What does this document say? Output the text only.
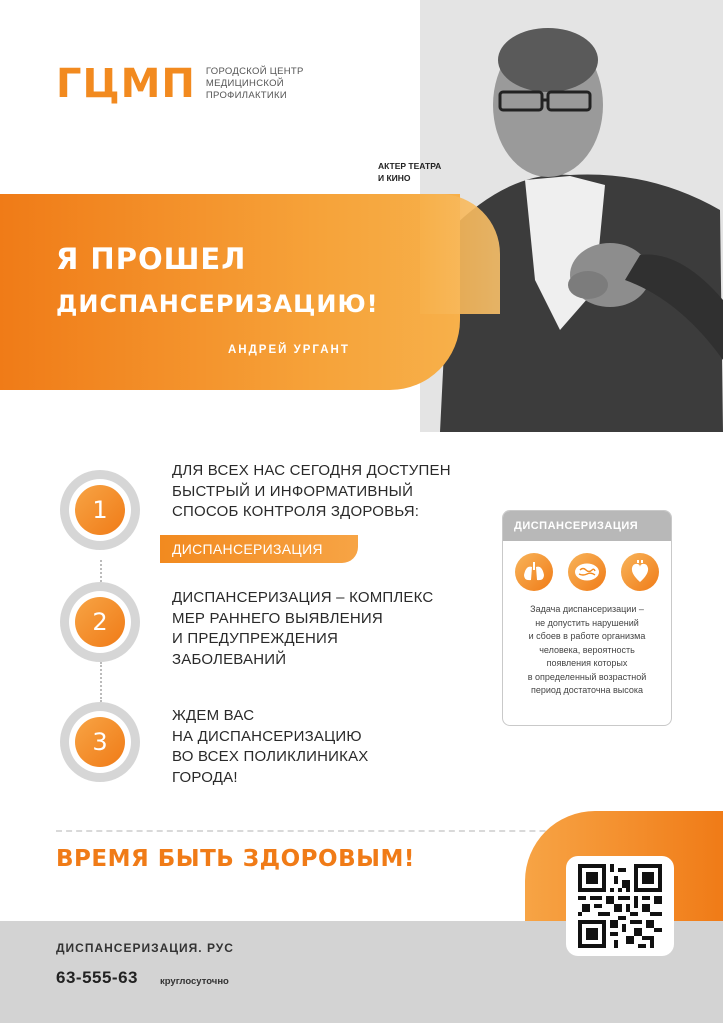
ГЦМП ГОРОДСКОЙ ЦЕНТР МЕДИЦИНСКОЙ ПРОФИЛАКТИКИ
АКТЕР ТЕАТРА
И КИНО
Я ПРОШЕЛ
ДИСПАНСЕРИЗАЦИЮ!
АНДРЕЙ УРГАНТ
1
ДЛЯ ВСЕХ НАС СЕГОДНЯ ДОСТУПЕН
БЫСТРЫЙ И ИНФОРМАТИВНЫЙ
СПОСОБ КОНТРОЛЯ ЗДОРОВЬЯ:
ДИСПАНСЕРИЗАЦИЯ
2
ДИСПАНСЕРИЗАЦИЯ – КОМПЛЕКС
МЕР РАННЕГО ВЫЯВЛЕНИЯ
И ПРЕДУПРЕЖДЕНИЯ
ЗАБОЛЕВАНИЙ
3
ЖДЕМ ВАС
НА ДИСПАНСЕРИЗАЦИЮ
ВО ВСЕХ ПОЛИКЛИНИКАХ
ГОРОДА!
ДИСПАНСЕРИЗАЦИЯ
Задача диспансеризации –
не допустить нарушений
и сбоев в работе организма
человека, вероятность
появления которых
в определенный возрастной
период достаточна высока
ВРЕМЯ БЫТЬ ЗДОРОВЫМ!
ДИСПАНСЕРИЗАЦИЯ. РУС
63-555-63 круглосуточно
